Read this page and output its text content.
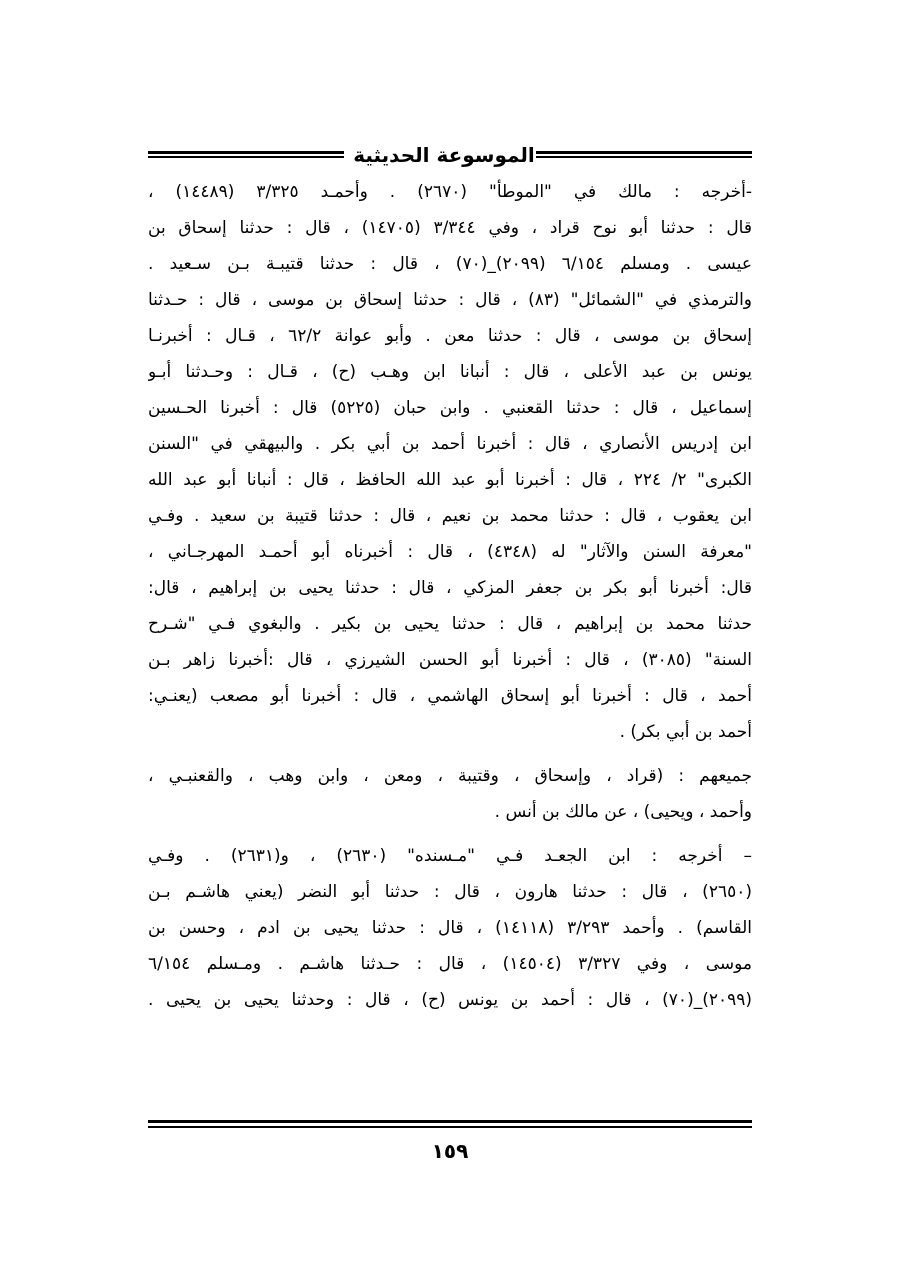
الموسوعة الحديثية
-أخرجه : مالك في "الموطأ" (٢٦٧٠) . وأحمـد ٣/٣٢٥ (١٤٤٨٩) ،
قال : حدثنا أبو نوح قراد ، وفي ٣/٣٤٤ (١٤٧٠٥) ، قال : حدثنا إسحاق بن
عيسى . ومسلم ٦/١٥٤ (٢٠٩٩)_(٧٠) ، قال : حدثنا قتيبـة بـن سـعيد .
والترمذي في "الشمائل" (٨٣) ، قال : حدثنا إسحاق بن موسى ، قال : حـدثنا
إسحاق بن موسى ، قال : حدثنا معن . وأبو عوانة ٦٢/٢ ، قـال : أخبرنـا
يونس بن عبد الأعلى ، قال : أنبانا ابن وهـب (ح) ، قـال : وحـدثنا أبـو
إسماعيل ، قال : حدثنا القعنبي . وابن حبان (٥٢٢٥) قال : أخبرنا الحـسين
ابن إدريس الأنصاري ، قال : أخبرنا أحمد بن أبي بكر . والبيهقي في "السنن
الكبرى" ٢/ ٢٢٤ ، قال : أخبرنا أبو عبد الله الحافظ ، قال : أنبانا أبو عبد الله
ابن يعقوب ، قال : حدثنا محمد بن نعيم ، قال : حدثنا قتيبة بن سعيد . وفـي
"معرفة السنن والآثار" له (٤٣٤٨) ، قال : أخبرناه أبو أحمـد المهرجـاني ،
قال: أخبرنا أبو بكر بن جعفر المزكي ، قال : حدثنا يحيى بن إبراهيم ، قال:
حدثنا محمد بن إبراهيم ، قال : حدثنا يحيى بن بكير . والبغوي فـي "شـرح
السنة" (٣٠٨٥) ، قال : أخبرنا أبو الحسن الشيرزي ، قال :أخبرنا زاهر بـن
أحمد ، قال : أخبرنا أبو إسحاق الهاشمي ، قال : أخبرنا أبو مصعب (يعنـي:
أحمد بن أبي بكر) .
جميعهم : (قراد ، وإسحاق ، وقتيبة ، ومعن ، وابن وهب ، والقعنبـي ،
وأحمد ، ويحيى) ، عن مالك بن أنس .
– أخرجه : ابن الجعـد فـي "مـسنده" (٢٦٣٠) ، و(٢٦٣١) . وفـي
(٢٦٥٠) ، قال : حدثنا هارون ، قال : حدثنا أبو النضر (يعني هاشـم بـن
القاسم) . وأحمد ٣/٢٩٣ (١٤١١٨) ، قال : حدثنا يحيى بن ادم ، وحسن بن
موسى ، وفي ٣/٣٢٧ (١٤٥٠٤) ، قال : حـدثنا هاشـم . ومـسلم ٦/١٥٤
(٢٠٩٩)_(٧٠) ، قال : أحمد بن يونس (ح) ، قال : وحدثنا يحيى بن يحيى .
١٥٩
